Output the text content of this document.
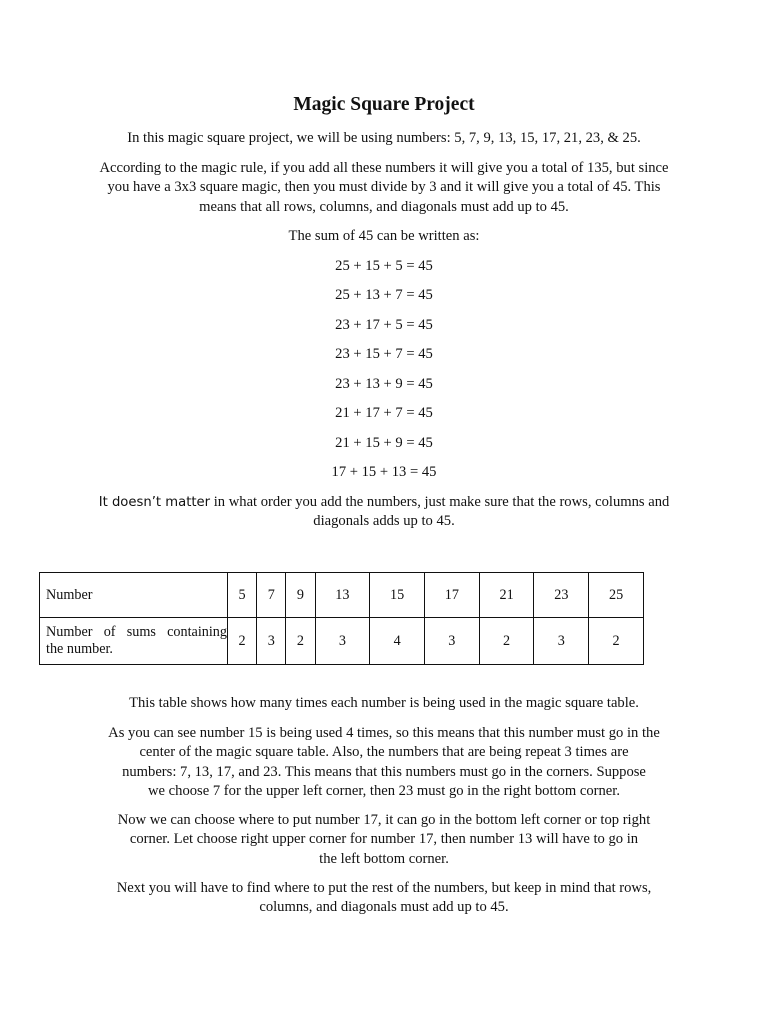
Magic Square Project

In this magic square project, we will be using numbers: 5, 7, 9, 13, 15, 17, 21, 23, & 25.

According to the magic rule, if you add all these numbers it will give you a total of 135, but since
you have a 3x3 square magic, then you must divide by 3 and it will give you a total of 45. This
means that all rows, columns, and diagonals must add up to 45.

The sum of 45 can be written as:

25 + 15 + 5 = 45
25 + 13 + 7 = 45
23 + 17 + 5 = 45
23 + 15 + 7 = 45
23 + 13 + 9 = 45
21 + 17 + 7 = 45
21 + 15 + 9 = 45
17 + 15 + 13 = 45
It doesn’t matter in what order you add the numbers, just make sure that the rows, columns and
diagonals adds up to 45.
Number	5	7	9	13	15	17	21	23	25

Number of sums containing
the number.	2	3	2	3	4	3	2	3	2

This table shows how many times each number is being used in the magic square table.

As you can see number 15 is being used 4 times, so this means that this number must go in the
center of the magic square table. Also, the numbers that are being repeat 3 times are
numbers: 7, 13, 17, and 23. This means that this numbers must go in the corners. Suppose
we choose 7 for the upper left corner, then 23 must go in the right bottom corner.
Now we can choose where to put number 17, it can go in the bottom left corner or top right
corner. Let choose right upper corner for number 17, then number 13 will have to go in
the left bottom corner.
Next you will have to find where to put the rest of the numbers, but keep in mind that rows,
columns, and diagonals must add up to 45.
